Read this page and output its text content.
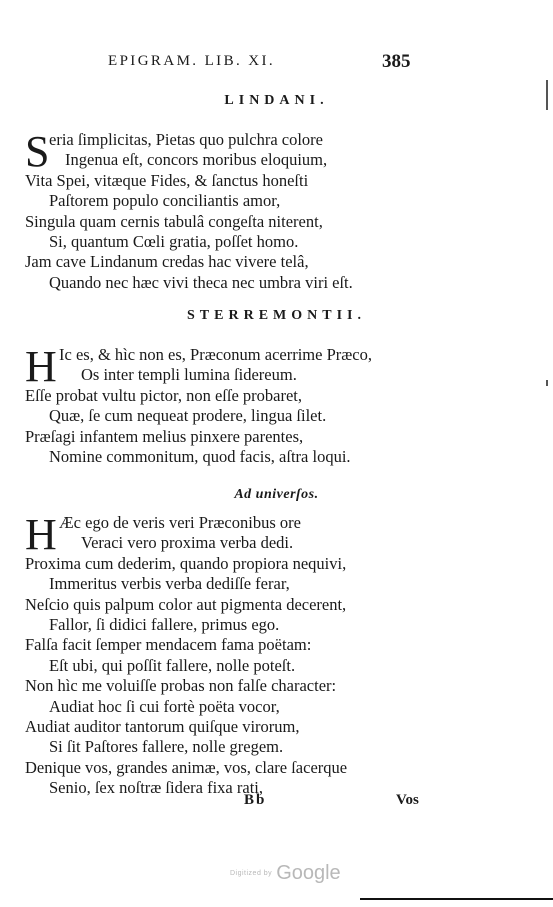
EPIGRAM. LIB. XI.	385
LINDANI.
S eria ſimplicitas, Pietas quo pulchra colore
Ingenua eſt, concors moribus eloquium,
Vita Spei, vitæque Fides, & ſanctus honeſti
Paſtorem populo conciliantis amor,
Singula quam cernis tabulâ congeſta niterent,
Si, quantum Cœli gratia, poſſet homo.
Jam cave Lindanum credas hac vivere telâ,
Quando nec hæc vivi theca nec umbra viri eſt.
STERREMONTII.
H Ic es, & hìc non es, Præconum acerrime Præco,
Os inter templi lumina ſidereum.
Eſſe probat vultu pictor, non eſſe probaret,
Quæ, ſe cum nequeat prodere, lingua ſilet.
Præſagi infantem melius pinxere parentes,
Nomine commonitum, quod facis, aſtra loqui.
Ad univerſos.
H Æc ego de veris veri Præconibus ore
Veraci vero proxima verba dedi.
Proxima cum dederim, quando propiora nequivi,
Immeritus verbis verba dediſſe ferar,
Neſcio quis palpum color aut pigmenta decerent,
Fallor, ſi didici fallere, primus ego.
Falſa facit ſemper mendacem fama poëtam:
Eſt ubi, qui poſſit fallere, nolle poteſt.
Non hìc me voluiſſe probas non falſe character:
Audiat hoc ſi cui fortè poëta vocor,
Audiat auditor tantorum quiſque virorum,
Si ſit Paſtores fallere, nolle gregem.
Denique vos, grandes animæ, vos, clare ſacerque
Senio, ſex noſtræ ſidera fixa rati,
Bb	Vos
Digitized by Google
